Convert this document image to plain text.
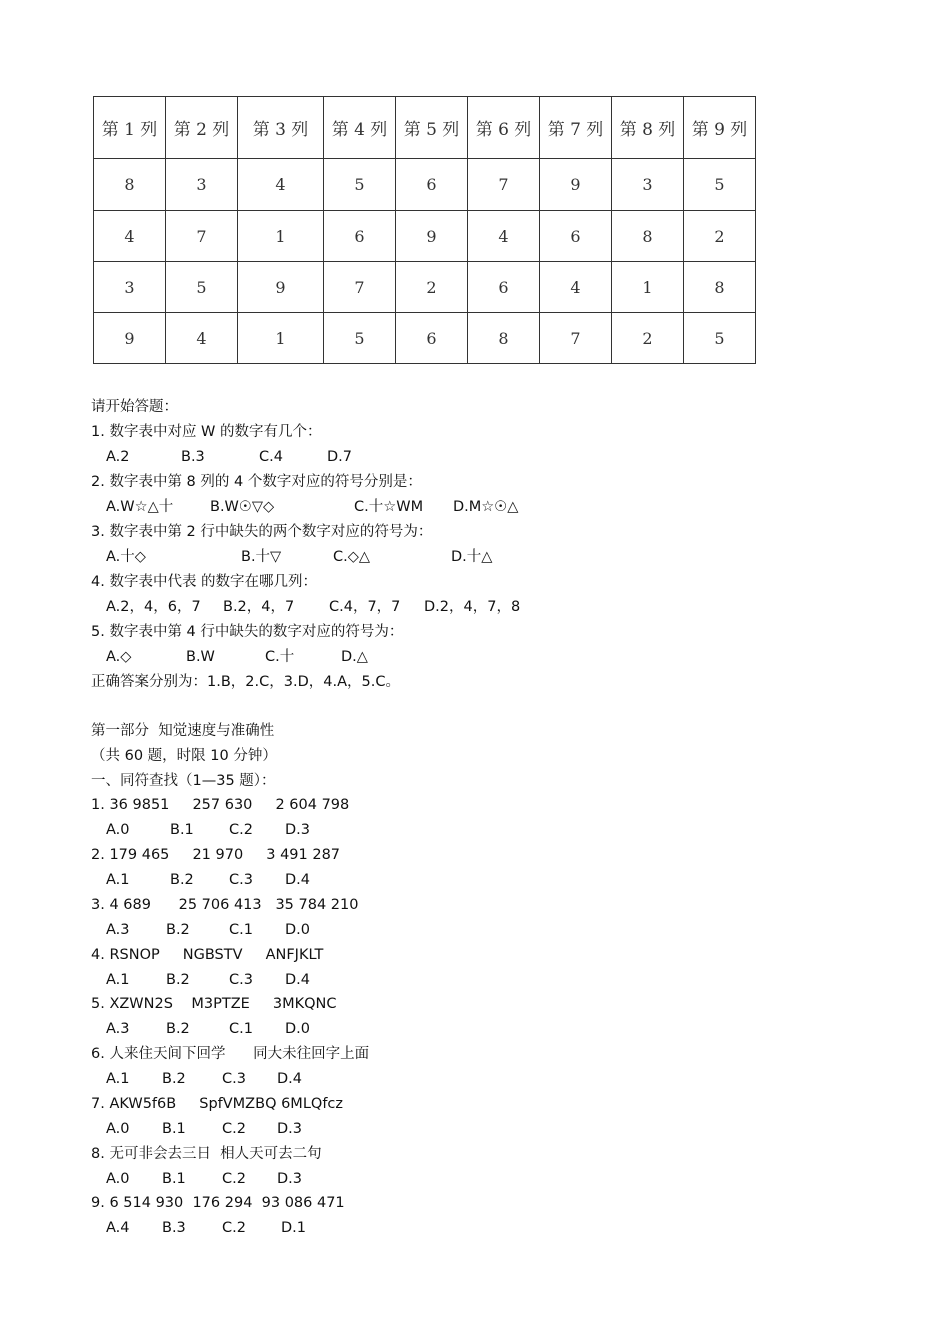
第 1 列	第 2 列	第 3 列	第 4 列	第 5 列	第 6 列	第 7 列	第 8 列	第 9 列
8	3	4	5	6	7	9	3	5
4	7	1	6	9	4	6	8	2
3	5	9	7	2	6	4	1	8
9	4	1	5	6	8	7	2	5
请开始答题：
1. 数字表中对应 W 的数字有几个：
A.2	B.3	C.4	D.7
2. 数字表中第 8 列的 4 个数字对应的符号分别是：
A.W☆△十	B.W☉▽◇	C.十☆WM D.M☆☉△
3. 数字表中第 2 行中缺失的两个数字对应的符号为：
A.十◇	B.十▽	C.◇△	D.十△
4. 数字表中代表 的数字在哪几列：
A.2，4，6，7 B.2，4，7 C.4，7，7 D.2，4，7，8
5. 数字表中第 4 行中缺失的数字对应的符号为：
A.◇	B.W	C.十	D.△
正确答案分别为：1.B，2.C，3.D，4.A，5.C。
第一部分  知觉速度与准确性
（共 60 题，时限 10 分钟）
一、同符查找（1—35 题）：
1. 36 9851     257 630     2 604 798
A.0	B.1 C.2 D.3
2. 179 465     21 970     3 491 287
A.1	B.2 C.3 D.4
3. 4 689      25 706 413   35 784 210
A.3	B.2	C.1 D.0
4. RSNOP     NGBSTV     ANFJKLT
A.1	B.2	C.3 D.4
5. XZWN2S    M3PTZE     3MKQNC
A.3	B.2	C.1 D.0
6. 人来住天间下回学      同大未往回字上面
A.1 B.2 C.3 D.4
7. AKW5f6B     SpfVMZBQ 6MLQfcz
A.0 B.1 C.2 D.3
8. 无可非会去三日  相人天可去二句
A.0 B.1 C.2 D.3
9. 6 514 930  176 294  93 086 471
A.4 B.3 C.2 D.1
